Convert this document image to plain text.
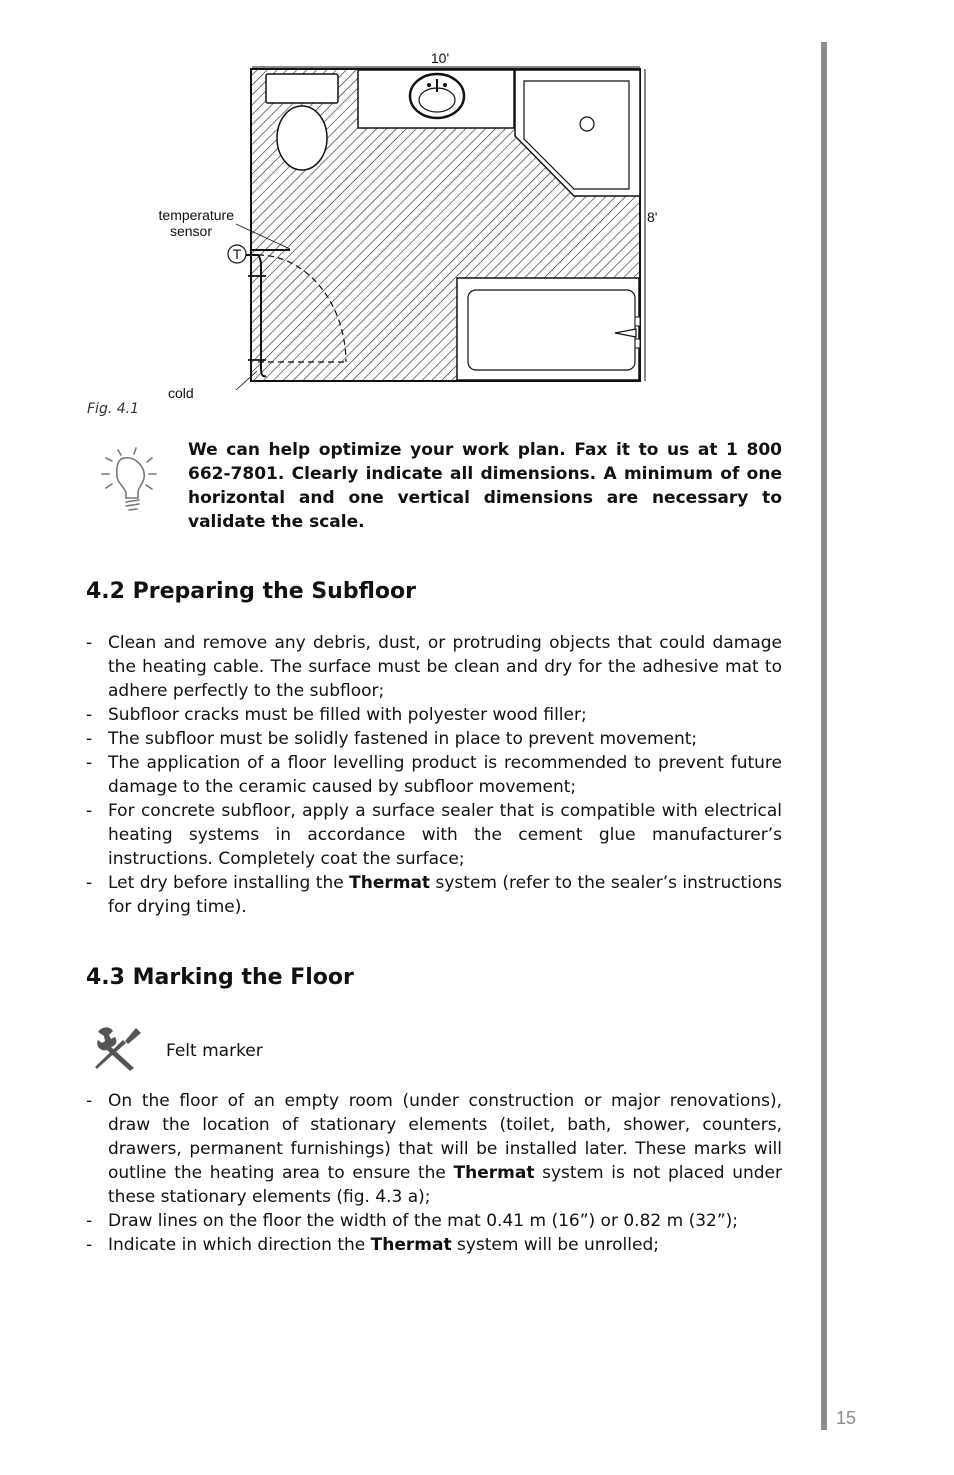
15
10'
8'
T
temperature
sensor
cold
Fig. 4.1
We can help optimize your work plan. Fax it to us at 1 800 662-7801. Clearly indicate all dimensions. A minimum of one horizontal and one vertical dimensions are necessary to validate the scale.
4.2 Preparing the Subfloor
- Clean and remove any debris, dust, or protruding objects that could damage the heating cable. The surface must be clean and dry for the adhesive mat to adhere perfectly to the subfloor;
- Subfloor cracks must be filled with polyester wood filler;
- The subfloor must be solidly fastened in place to prevent movement;
- The application of a floor levelling product is recommended to prevent future damage to the ceramic caused by subfloor movement;
- For concrete subfloor, apply a surface sealer that is compatible with electrical heating systems in accordance with the cement glue manufacturer’s instructions. Completely coat the surface;
- Let dry before installing the Thermat system (refer to the sealer’s instructions for drying time).
4.3 Marking the Floor
Felt marker
- On the floor of an empty room (under construction or major renovations), draw the location of stationary elements (toilet, bath, shower, counters, drawers, permanent furnishings) that will be installed later. These marks will outline the heating area to ensure the Thermat system is not placed under these stationary elements (fig. 4.3 a);
- Draw lines on the floor the width of the mat 0.41 m (16”) or 0.82 m (32”);
- Indicate in which direction the Thermat system will be unrolled;
